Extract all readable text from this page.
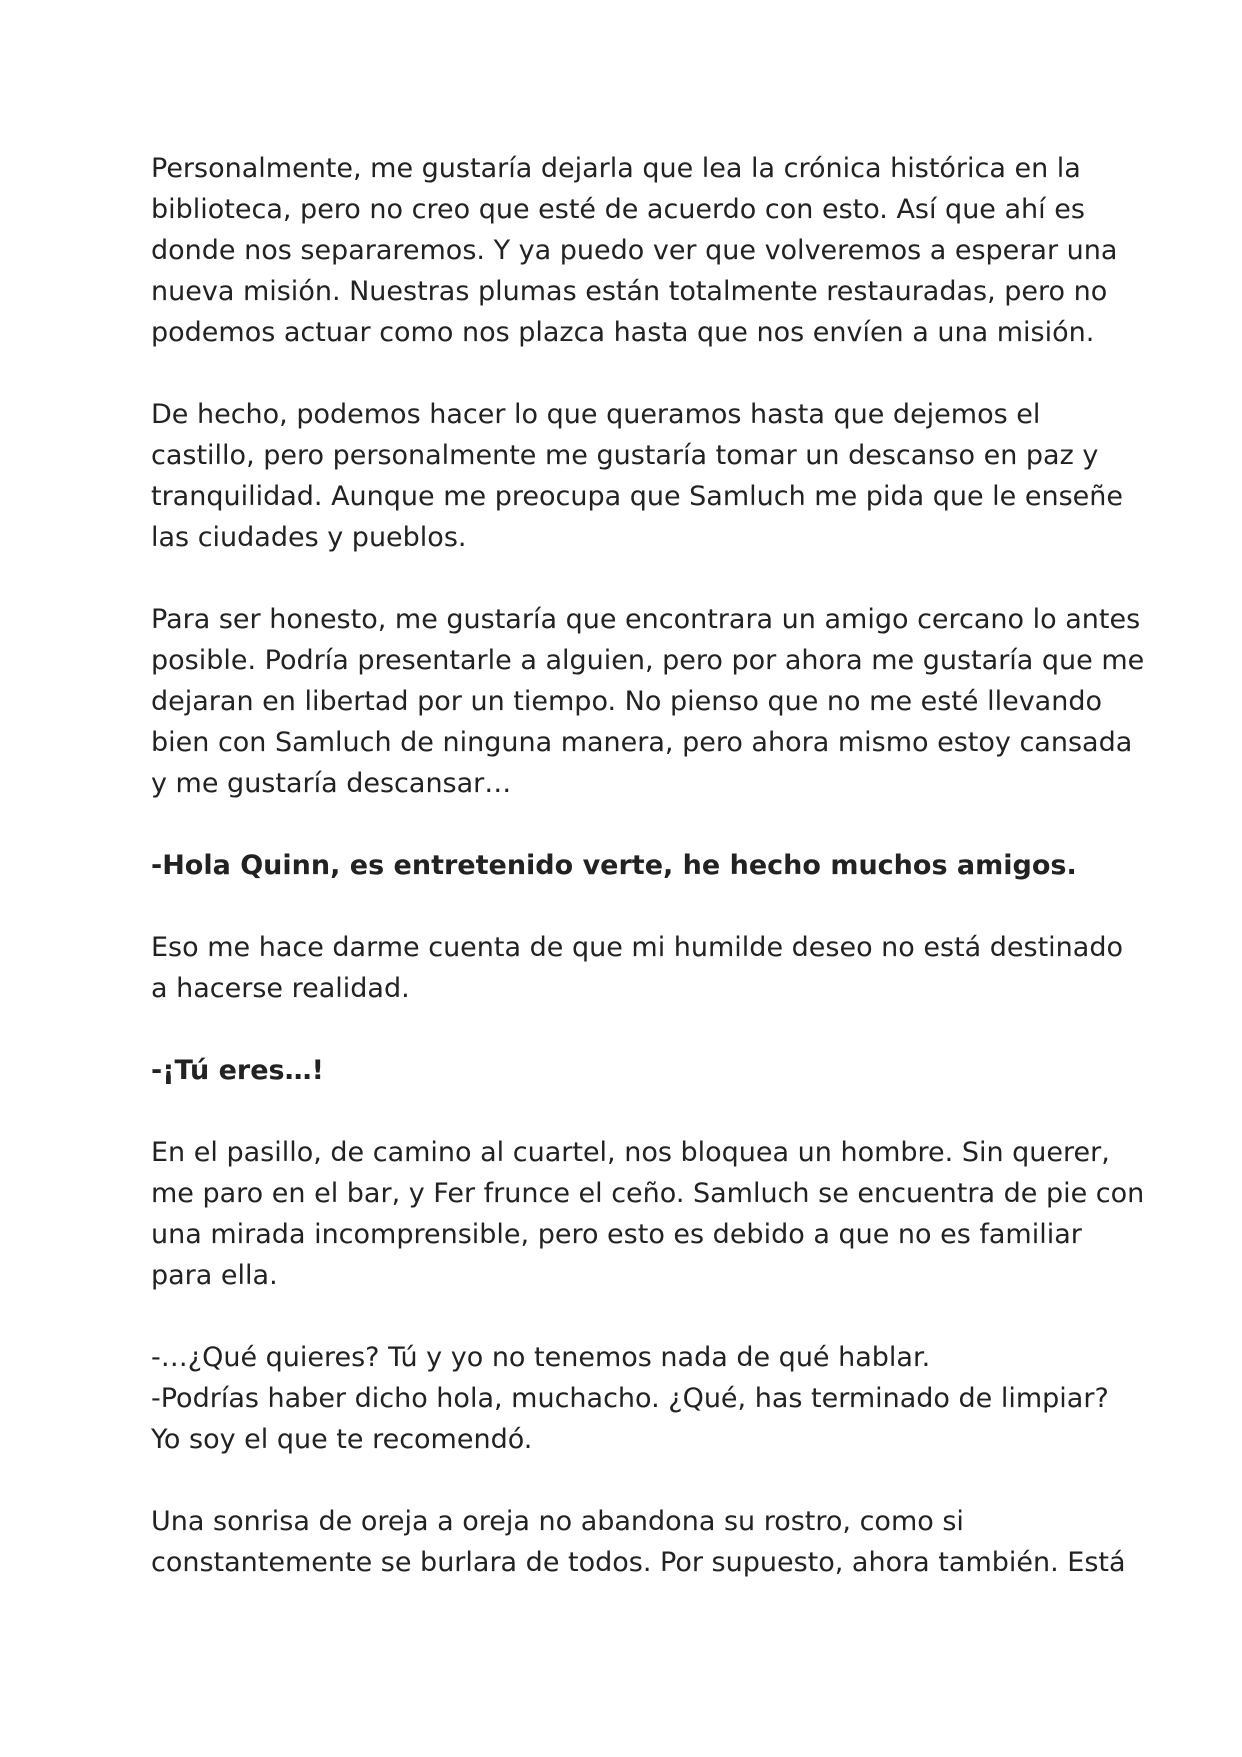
Personalmente, me gustaría dejarla que lea la crónica histórica en la
biblioteca, pero no creo que esté de acuerdo con esto. Así que ahí es
donde nos separaremos. Y ya puedo ver que volveremos a esperar una
nueva misión. Nuestras plumas están totalmente restauradas, pero no
podemos actuar como nos plazca hasta que nos envíen a una misión.
De hecho, podemos hacer lo que queramos hasta que dejemos el
castillo, pero personalmente me gustaría tomar un descanso en paz y
tranquilidad. Aunque me preocupa que Samluch me pida que le enseñe
las ciudades y pueblos.
Para ser honesto, me gustaría que encontrara un amigo cercano lo antes
posible. Podría presentarle a alguien, pero por ahora me gustaría que me
dejaran en libertad por un tiempo. No pienso que no me esté llevando
bien con Samluch de ninguna manera, pero ahora mismo estoy cansada
y me gustaría descansar…
-Hola Quinn, es entretenido verte, he hecho muchos amigos.
Eso me hace darme cuenta de que mi humilde deseo no está destinado
a hacerse realidad.
-¡Tú eres…!
En el pasillo, de camino al cuartel, nos bloquea un hombre. Sin querer,
me paro en el bar, y Fer frunce el ceño. Samluch se encuentra de pie con
una mirada incomprensible, pero esto es debido a que no es familiar
para ella.
-…¿Qué quieres? Tú y yo no tenemos nada de qué hablar.
-Podrías haber dicho hola, muchacho. ¿Qué, has terminado de limpiar?
Yo soy el que te recomendó.
Una sonrisa de oreja a oreja no abandona su rostro, como si
constantemente se burlara de todos. Por supuesto, ahora también. Está
